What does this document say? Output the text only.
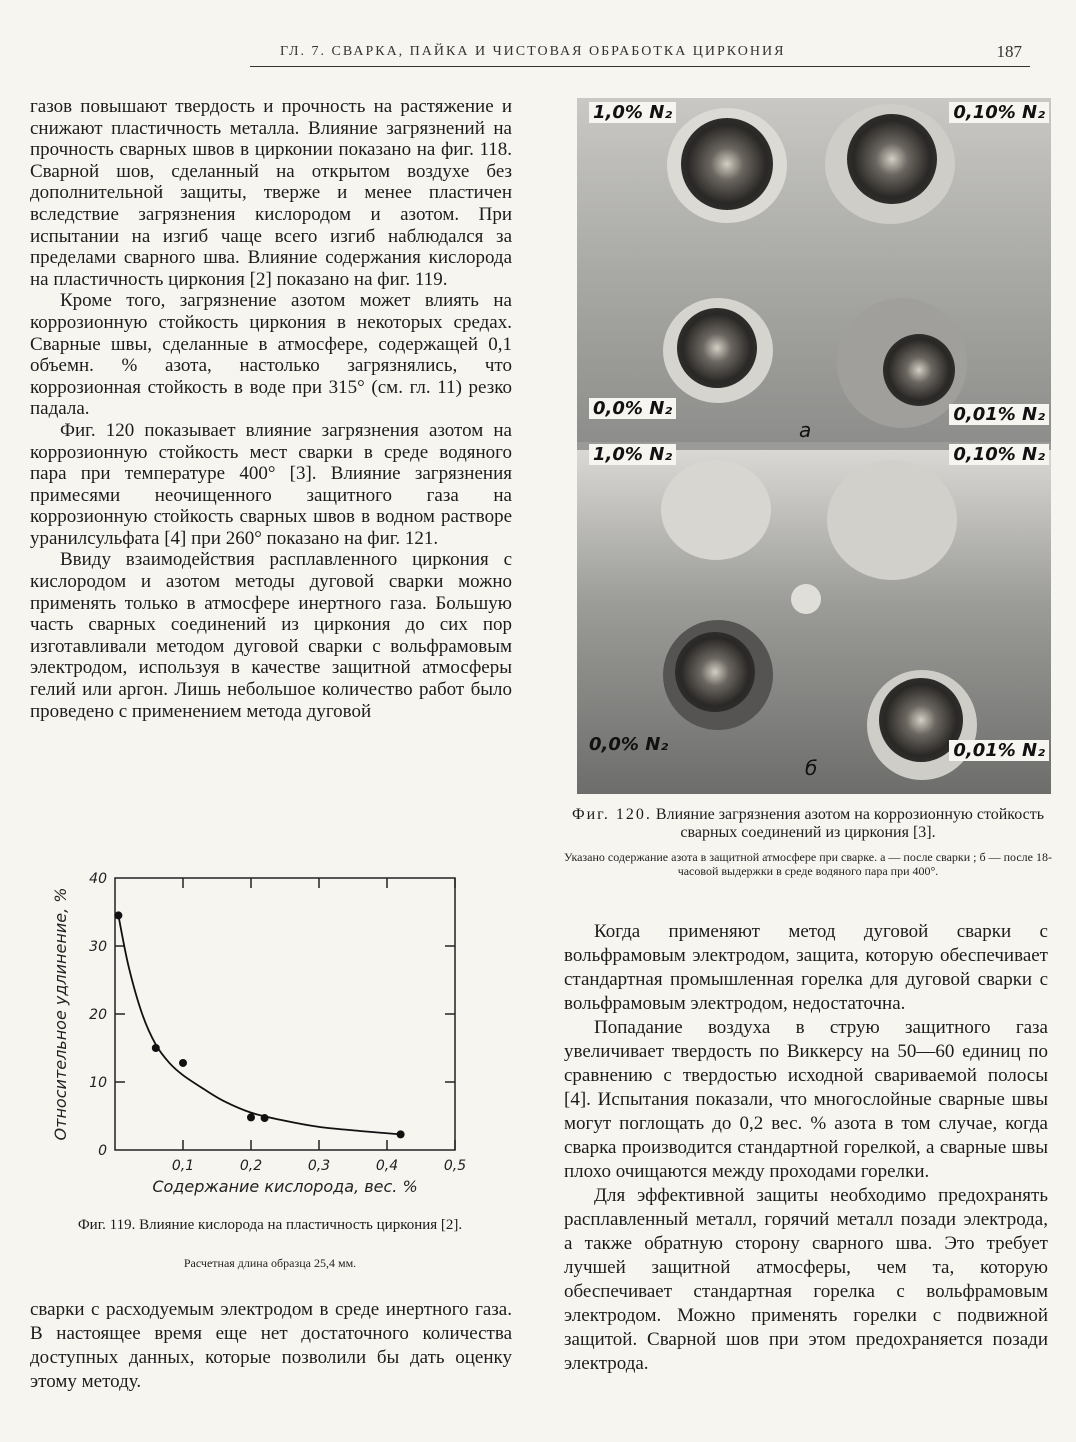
ГЛ. 7. СВАРКА, ПАЙКА И ЧИСТОВАЯ ОБРАБОТКА ЦИРКОНИЯ	187

газов повышают твердость и прочность на растяжение и снижают пластичность металла. Влияние загрязнений на прочность сварных швов в цирконии показано на фиг. 118. Сварной шов, сделанный на открытом воздухе без дополнительной защиты, тверже и менее пластичен вследствие загрязнения кислородом и азотом. При испытании на изгиб чаще всего изгиб наблюдался за пределами сварного шва. Влияние содержания кислорода на пластичность циркония [2] показано на фиг. 119.

Кроме того, загрязнение азотом может влиять на коррозионную стойкость циркония в некоторых средах. Сварные швы, сделанные в атмосфере, содержащей 0,1 объемн. % азота, настолько загрязнялись, что коррозионная стойкость в воде при 315° (см. гл. 11) резко падала.

Фиг. 120 показывает влияние загрязнения азотом на коррозионную стойкость мест сварки в среде водяного пара при температуре 400° [3]. Влияние загрязнения примесями неочищенного защитного газа на коррозионную стойкость сварных швов в водном растворе уранилсульфата [4] при 260° показано на фиг. 121.

Ввиду взаимодействия расплавленного циркония с кислородом и азотом методы дуговой сварки можно применять только в атмосфере инертного газа. Большую часть сварных соединений из циркония до сих пор изготавливали методом дуговой сварки с вольфрамовым электродом, используя в качестве защитной атмосферы гелий или аргон. Лишь небольшое количество работ было проведено с применением метода дуговой

1,0% N₂	0,10% N₂
0,0% N₂	0,01% N₂
а
1,0% N₂	0,10% N₂
0,0% N₂	0,01% N₂
б
Фиг. 120. Влияние загрязнения азотом на коррозионную стойкость сварных соединений из циркония [3].
Указано содержание азота в защитной атмосфере при сварке. а — после сварки ; б — после 18-часовой выдержки в среде водяного пара при 400°.
0,1	0,2	0,3	0,4	0,5
0
10
20
30
40
Содержание кислорода, вес. %
Относительное удлинение, %
Фиг. 119. Влияние кислорода на пластичность циркония [2].
Расчетная длина образца 25,4 мм.

сварки с расходуемым электродом в среде инертного газа. В настоящее время еще нет достаточного количества доступных данных, которые позволили бы дать оценку этому методу.

Когда применяют метод дуговой сварки с вольфрамовым электродом, защита, которую обеспечивает стандартная промышленная горелка для дуговой сварки с вольфрамовым электродом, недостаточна.

Попадание воздуха в струю защитного газа увеличивает твердость по Виккерсу на 50—60 единиц по сравнению с твердостью исходной свариваемой полосы [4]. Испытания показали, что многослойные сварные швы могут поглощать до 0,2 вес. % азота в том случае, когда сварка производится стандартной горелкой, а сварные швы плохо очищаются между проходами горелки.

Для эффективной защиты необходимо предохранять расплавленный металл, горячий металл позади электрода, а также обратную сторону сварного шва. Это требует лучшей защитной атмосферы, чем та, которую обеспечивает стандартная горелка с вольфрамовым электродом. Можно применять горелки с подвижной защитой. Сварной шов при этом предохраняется позади электрода.
